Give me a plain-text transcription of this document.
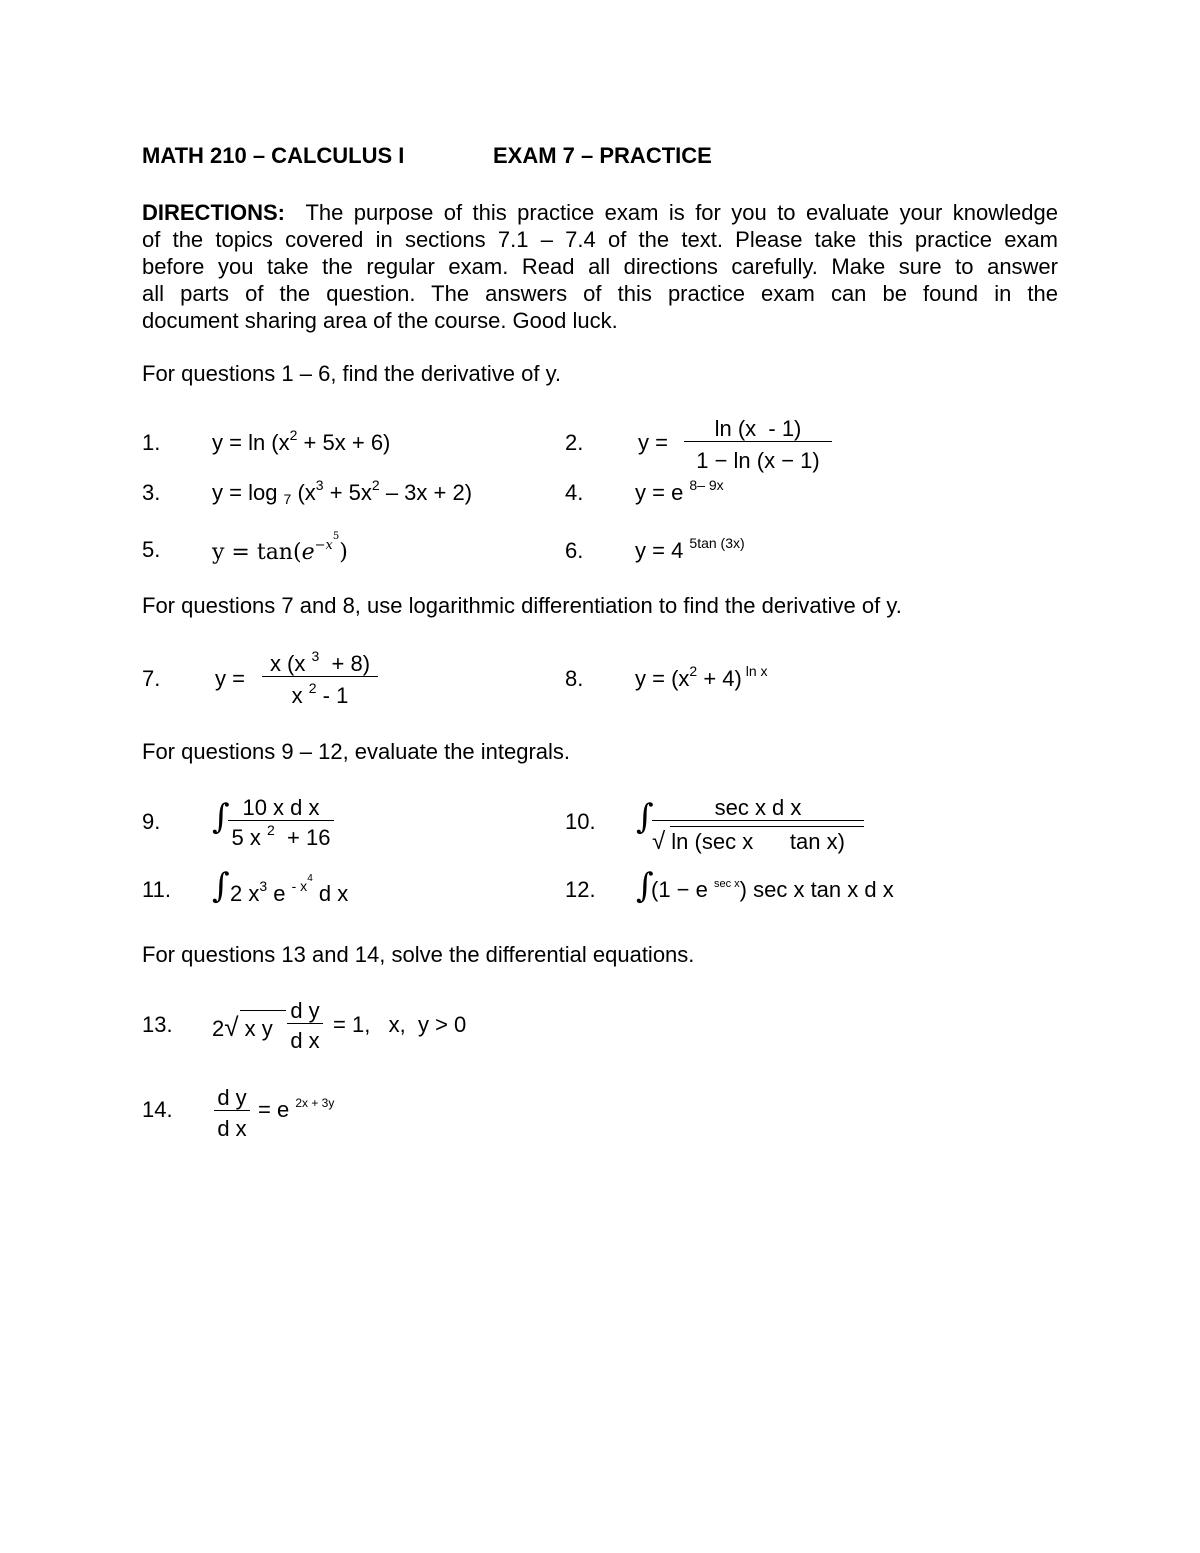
MATH 210 – CALCULUS I	EXAM 7 – PRACTICE
DIRECTIONS: The purpose of this practice exam is for you to evaluate your knowledge
of the topics covered in sections 7.1 – 7.4 of the text. Please take this practice exam
before you take the regular exam. Read all directions carefully. Make sure to answer
all parts of the question. The answers of this practice exam can be found in the
document sharing area of the course. Good luck.
For questions 1 – 6, find the derivative of y.
1. $y = \ln (x^2 + 5x + 6)$	2. y =
ln (x  - 1)
1 − ln (x − 1)
3. y = log $_7$ $(x^3 + 5x^2 - 3x + 2)$	4. y = e $^{8- 9x}$
5. $y = \tan(e^{-x^5})$	6. y = 4 $^{5tan (3x)}$
For questions 7 and 8, use logarithmic differentiation to find the derivative of y.
7. y =
x (x $^3$  + 8)
x $^2$ - 1
8. $y = (x^2 + 4)$ $^{ln x}$
For questions 9 – 12, evaluate the integrals.
9. ∫ 10 x d x
5 x $^2$  + 16
10. ∫	sec x d x
√ ln (sec x      tan x)
11. ∫ 2 $x^3$ e $^{- x^4}$ d x	12. ∫
(1 − e $^{sec x}$) sec x tan x d x
For questions 13 and 14, solve the differential equations.
13. 2√ x y
d y
d x
= 1,   x,  y > 0
14. d y
d x
= e $^{2x + 3y}$
